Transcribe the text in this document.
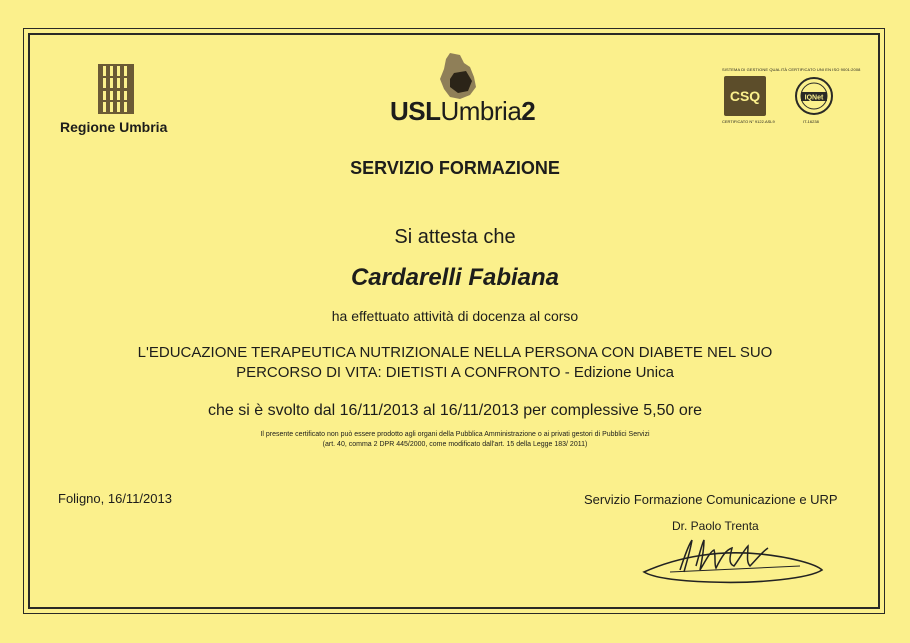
Regione Umbria
USLUmbria2
SISTEMA DI GESTIONE QUALITÀ CERTIFICATO UNI EN ISO 9001:2008
CSQ	IQNet
CERTIFICATO N° 9122.ASL9	IT-16238
SERVIZIO FORMAZIONE
Si attesta che
Cardarelli Fabiana
ha effettuato attività di docenza al corso
L'EDUCAZIONE TERAPEUTICA NUTRIZIONALE NELLA PERSONA CON DIABETE NEL SUO
PERCORSO DI VITA: DIETISTI A CONFRONTO - Edizione Unica
che si è svolto dal 16/11/2013 al 16/11/2013 per complessive 5,50 ore
Il presente certificato non può essere prodotto agli organi della Pubblica Amministrazione o ai privati gestori di Pubblici Servizi
(art. 40, comma 2 DPR 445/2000, come modificato dall'art. 15 della Legge 183/ 2011)
Foligno, 16/11/2013	Servizio Formazione Comunicazione e URP
Dr. Paolo Trenta
